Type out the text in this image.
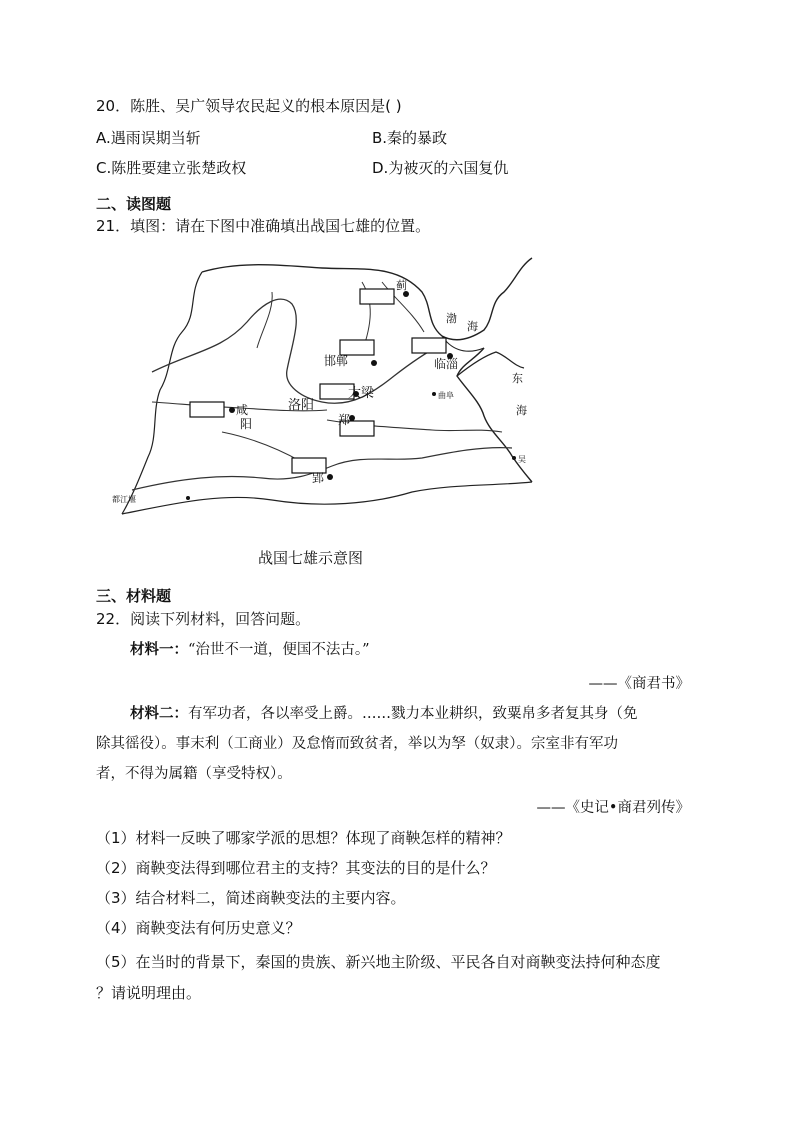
20．陈胜、吴广领导农民起义的根本原因是( )
A.遇雨误期当斩	B.秦的暴政
C.陈胜要建立张楚政权	D.为被灭的六国复仇
二、读图题
21．填图：请在下图中准确填出战国七雄的位置。
蓟
渤
海
邯郸	临淄
洛阳
大梁
咸
阳	郑
郢
东
海
曲阜
吴
都江堰
战国七雄示意图
三、材料题
22．阅读下列材料，回答问题。
材料一：“治世不一道，便国不法古。”
——《商君书》
材料二：有军功者，各以率受上爵。……戮力本业耕织，致粟帛多者复其身（免
除其徭役）。事末利（工商业）及怠惰而致贫者，举以为孥（奴隶）。宗室非有军功
者，不得为属籍（享受特权）。
——《史记•商君列传》
（1）材料一反映了哪家学派的思想？体现了商鞅怎样的精神？
（2）商鞅变法得到哪位君主的支持？其变法的目的是什么？
（3）结合材料二，简述商鞅变法的主要内容。
（4）商鞅变法有何历史意义？
（5）在当时的背景下，秦国的贵族、新兴地主阶级、平民各自对商鞅变法持何种态度
？请说明理由。
